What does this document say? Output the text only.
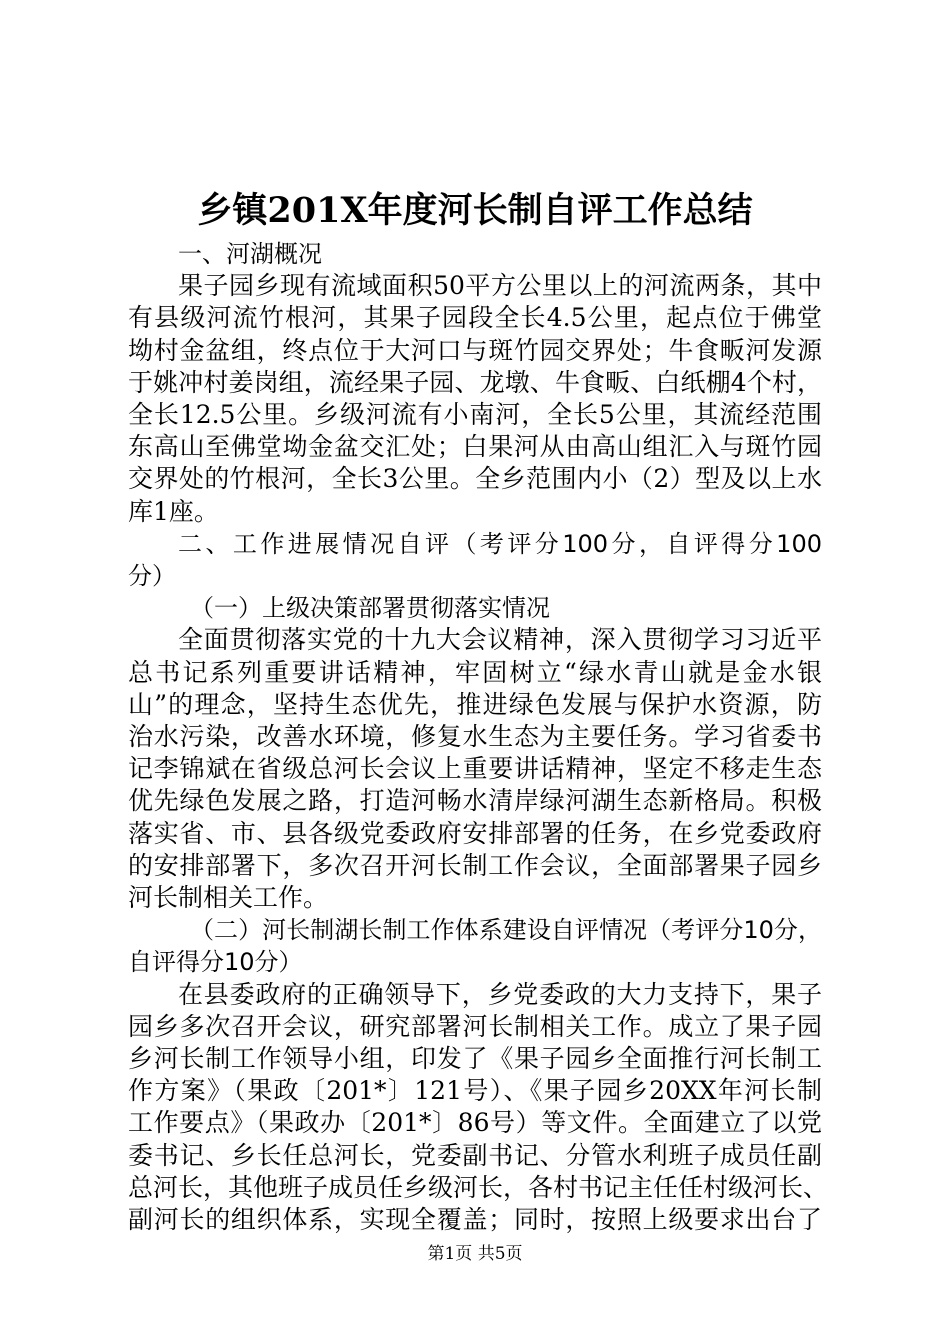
乡镇201X年度河长制自评工作总结
一、河湖概况
果子园乡现有流域面积50平方公里以上的河流两条，其中
有县级河流竹根河，其果子园段全长4.5公里，起点位于佛堂
坳村金盆组，终点位于大河口与斑竹园交界处；牛食畈河发源
于姚冲村姜岗组，流经果子园、龙墩、牛食畈、白纸棚4个村，
全长12.5公里。乡级河流有小南河，全长5公里，其流经范围
东高山至佛堂坳金盆交汇处；白果河从由高山组汇入与斑竹园
交界处的竹根河，全长3公里。全乡范围内小（2）型及以上水
库1座。
二、工作进展情况自评（考评分100分，自评得分100
分）
（一）上级决策部署贯彻落实情况
全面贯彻落实党的十九大会议精神，深入贯彻学习习近平
总书记系列重要讲话精神，牢固树立“绿水青山就是金水银
山”的理念，坚持生态优先，推进绿色发展与保护水资源，防
治水污染，改善水环境，修复水生态为主要任务。学习省委书
记李锦斌在省级总河长会议上重要讲话精神，坚定不移走生态
优先绿色发展之路，打造河畅水清岸绿河湖生态新格局。积极
落实省、市、县各级党委政府安排部署的任务，在乡党委政府
的安排部署下，多次召开河长制工作会议，全面部署果子园乡
河长制相关工作。
（二）河长制湖长制工作体系建设自评情况（考评分10分，
自评得分10分）
在县委政府的正确领导下，乡党委政的大力支持下，果子
园乡多次召开会议，研究部署河长制相关工作。成立了果子园
乡河长制工作领导小组，印发了《果子园乡全面推行河长制工
作方案》（果政〔201*〕121号）、《果子园乡20XX年河长制
工作要点》（果政办〔201*〕86号）等文件。全面建立了以党
委书记、乡长任总河长，党委副书记、分管水利班子成员任副
总河长，其他班子成员任乡级河长，各村书记主任任村级河长、
副河长的组织体系，实现全覆盖；同时，按照上级要求出台了
第1页 共5页
